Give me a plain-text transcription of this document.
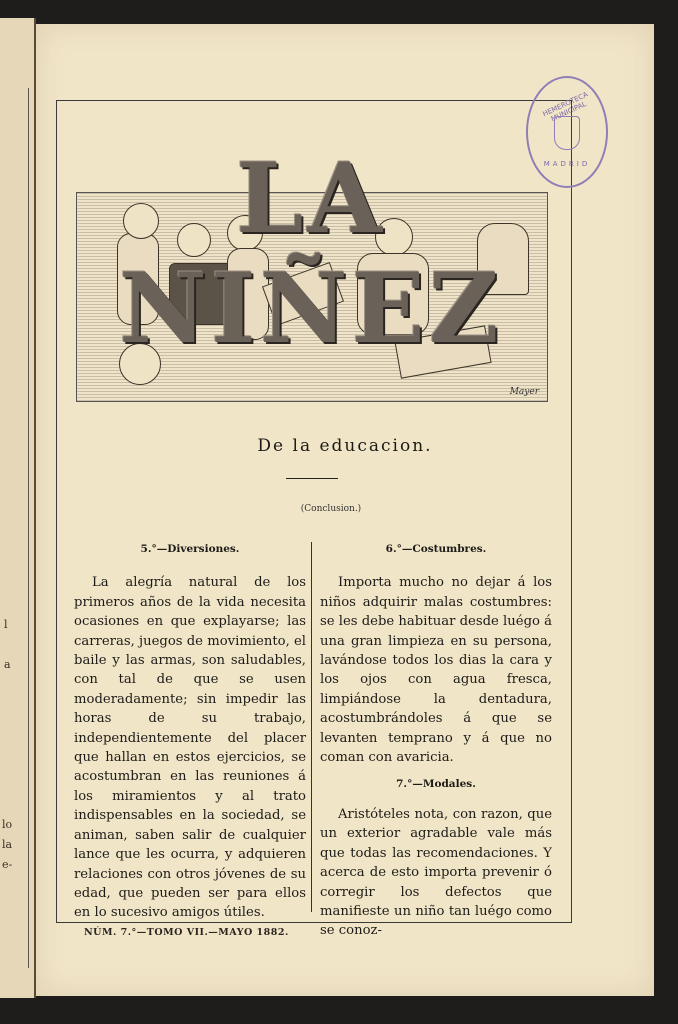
l
a
lo
la
e-
HEMEROTECA MUNICIPAL
MADRID
Mayer
LA NIÑEZ
De la educacion.
(Conclusion.)

5.°—Diversiones.

La alegría natural de los primeros años de la vida necesita ocasiones en que explayarse; las carreras, juegos de movimiento, el baile y las armas, son saludables, con tal de que se usen moderadamente; sin impedir las horas de su trabajo, independientemente del placer que hallan en estos ejercicios, se acostumbran en las reuniones á los miramientos y al trato indispensables en la sociedad, se animan, saben salir de cualquier lance que les ocurra, y adquieren relaciones con otros jóvenes de su edad, que pueden ser para ellos en lo sucesivo amigos útiles.

6.°—Costumbres.

Importa mucho no dejar á los niños adquirir malas costumbres: se les debe habituar desde luégo á una gran limpieza en su persona, lavándose todos los dias la cara y los ojos con agua fresca, limpiándose la dentadura, acostumbrándoles á que se levanten temprano y á que no coman con avaricia.

7.°—Modales.

Aristóteles nota, con razon, que un exterior agradable vale más que todas las recomendaciones. Y acerca de esto importa prevenir ó corregir los defectos que manifieste un niño tan luégo como se conoz-

NÚM. 7.°—TOMO VII.—MAYO 1882.
